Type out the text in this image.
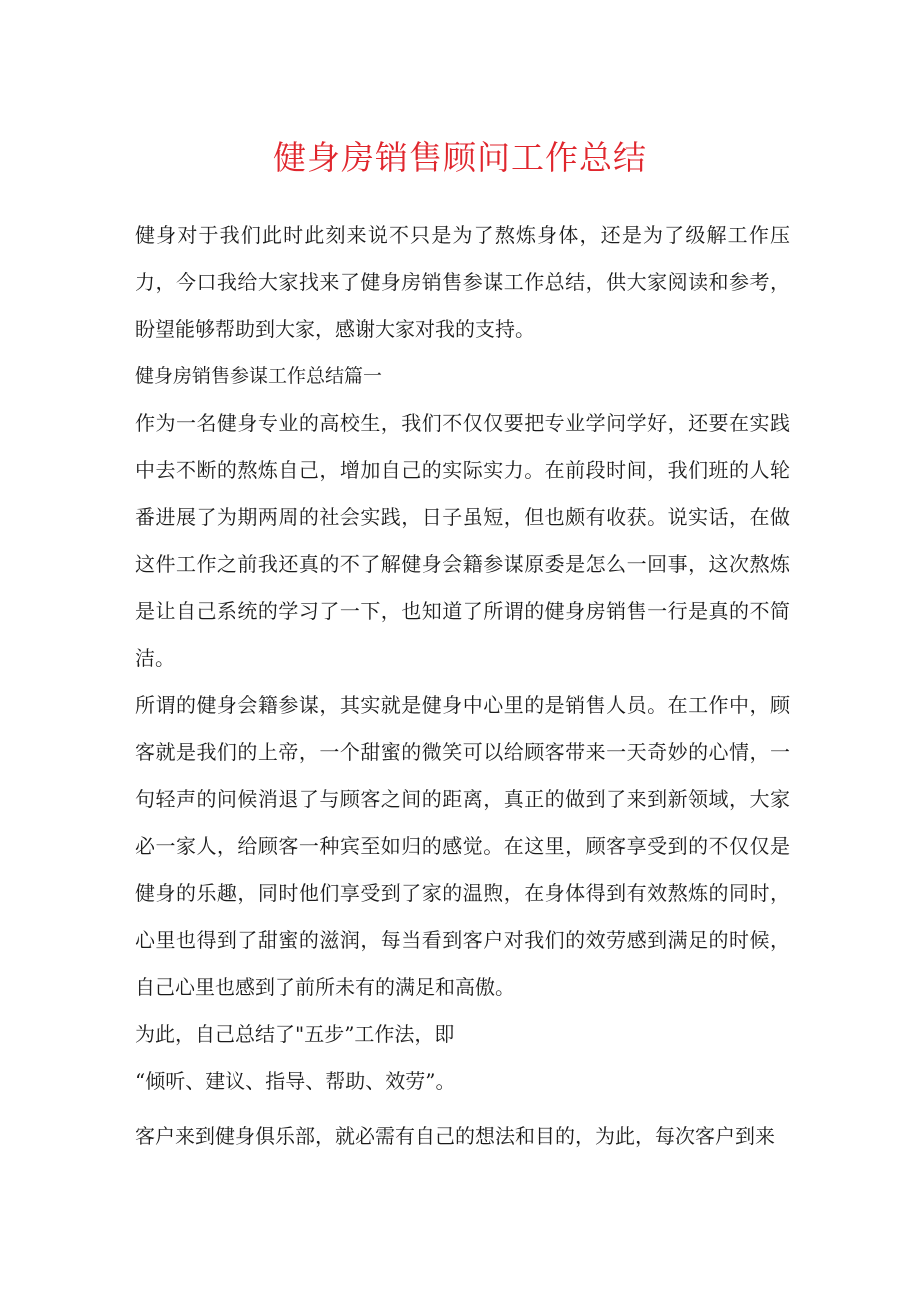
健身房销售顾问工作总结

健身对于我们此时此刻来说不只是为了熬炼身体，还是为了级解工作压力，今口我给大家找来了健身房销售参谋工作总结，供大家阅读和参考，盼望能够帮助到大家，感谢大家对我的支持。

健身房销售参谋工作总结篇一

作为一名健身专业的高校生，我们不仅仅要把专业学问学好，还要在实践中去不断的熬炼自己，增加自己的实际实力。在前段时间，我们班的人轮番进展了为期两周的社会实践，日子虽短，但也颇有收获。说实话，在做这件工作之前我还真的不了解健身会籍参谋原委是怎么一回事，这次熬炼是让自己系统的学习了一下，也知道了所谓的健身房销售一行是真的不简洁。

所谓的健身会籍参谋，其实就是健身中心里的是销售人员。在工作中，顾客就是我们的上帝，一个甜蜜的微笑可以给顾客带来一天奇妙的心情，一句轻声的问候消退了与顾客之间的距离，真正的做到了来到新领域，大家必一家人，给顾客一种宾至如归的感觉。在这里，顾客享受到的不仅仅是健身的乐趣，同时他们享受到了家的温煦，在身体得到有效熬炼的同时，心里也得到了甜蜜的滋润，每当看到客户对我们的效劳感到满足的时候，自己心里也感到了前所未有的满足和高傲。

为此，自己总结了"五步”工作法，即

“倾听、建议、指导、帮助、效劳”。

客户来到健身俱乐部，就必需有自己的想法和目的，为此，每次客户到来
